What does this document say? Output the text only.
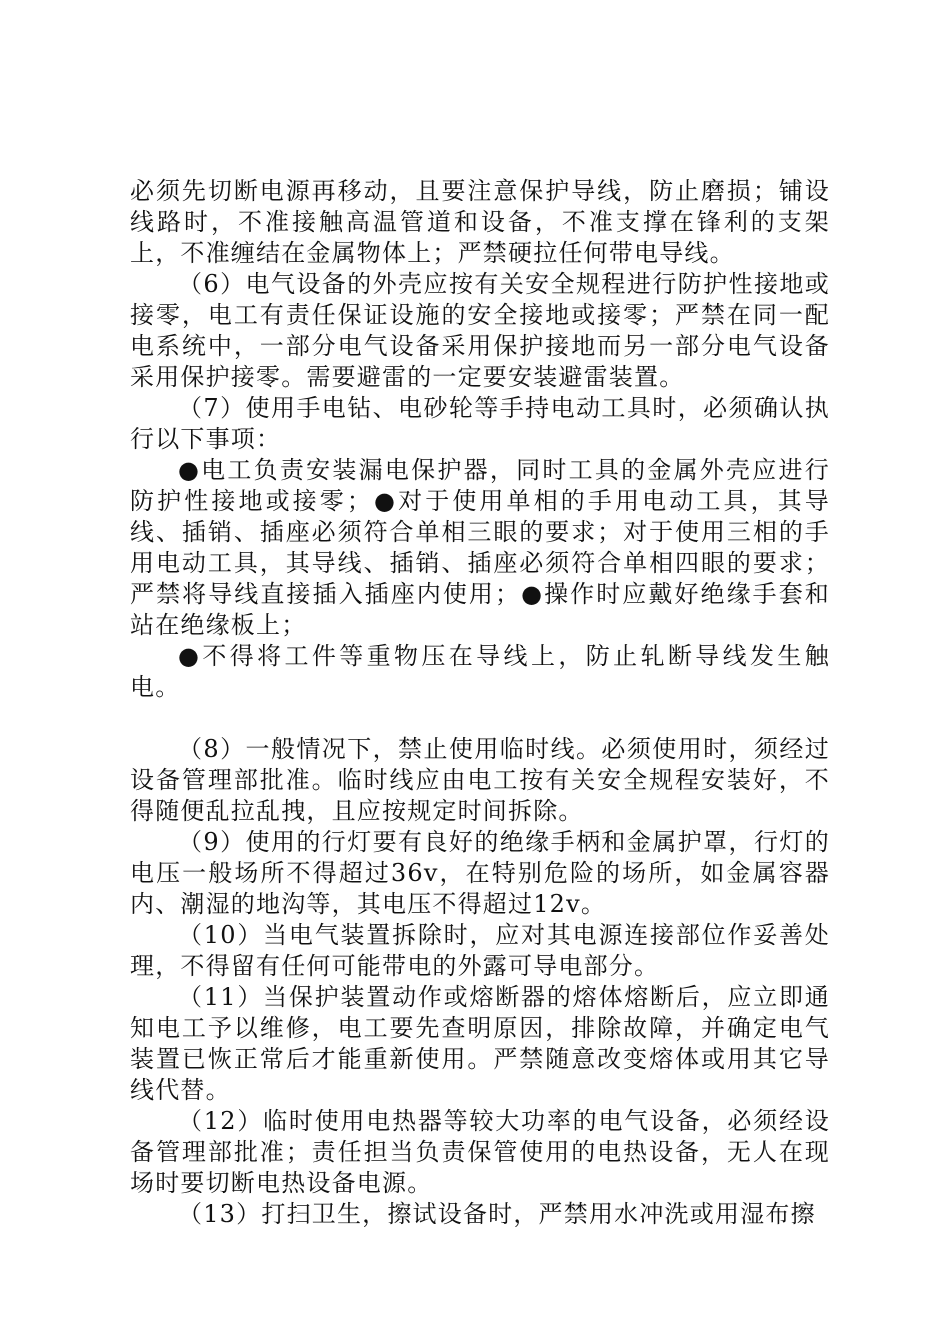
必须先切断电源再移动，且要注意保护导线，防止磨损；铺设线路时，不准接触高温管道和设备，不准支撑在锋利的支架上，不准缠结在金属物体上；严禁硬拉任何带电导线。

（6）电气设备的外壳应按有关安全规程进行防护性接地或接零，电工有责任保证设施的安全接地或接零；严禁在同一配电系统中，一部分电气设备采用保护接地而另一部分电气设备采用保护接零。需要避雷的一定要安装避雷装置。

（7）使用手电钻、电砂轮等手持电动工具时，必须确认执行以下事项：

●电工负责安装漏电保护器，同时工具的金属外壳应进行防护性接地或接零；●对于使用单相的手用电动工具，其导线、插销、插座必须符合单相三眼的要求；对于使用三相的手用电动工具，其导线、插销、插座必须符合单相四眼的要求；严禁将导线直接插入插座内使用；●操作时应戴好绝缘手套和站在绝缘板上；

●不得将工件等重物压在导线上，防止轧断导线发生触电。

（8）一般情况下，禁止使用临时线。必须使用时，须经过设备管理部批准。临时线应由电工按有关安全规程安装好，不得随便乱拉乱拽，且应按规定时间拆除。

（9）使用的行灯要有良好的绝缘手柄和金属护罩，行灯的电压一般场所不得超过36v，在特别危险的场所，如金属容器内、潮湿的地沟等，其电压不得超过12v。

（10）当电气装置拆除时，应对其电源连接部位作妥善处理，不得留有任何可能带电的外露可导电部分。

（11）当保护装置动作或熔断器的熔体熔断后，应立即通知电工予以维修，电工要先查明原因，排除故障，并确定电气装置已恢正常后才能重新使用。严禁随意改变熔体或用其它导线代替。

（12）临时使用电热器等较大功率的电气设备，必须经设备管理部批准；责任担当负责保管使用的电热设备，无人在现场时要切断电热设备电源。

（13）打扫卫生，擦试设备时，严禁用水冲洗或用湿布擦
